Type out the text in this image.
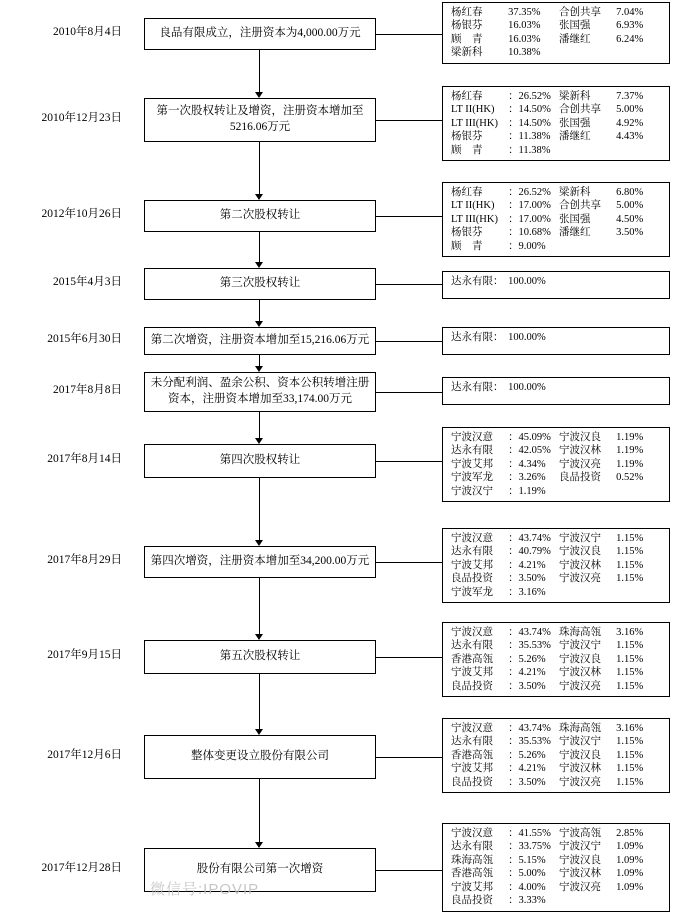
2010年8月4日	良品有限成立，注册资本为4,000.00万元
杨红春	37.35%	合创共享	7.04%
杨银芬	16.03%	张国强	6.93%
顾　青	16.03%	潘继红	6.24%
梁新科	10.38%		
2010年12月23日
第一次股权转让及增资，注册资本增加至5216.06万元
杨红春	：26.52%	梁新科	7.37%
LT II(HK)	：14.50%	合创共享	5.00%
LT III(HK)	：14.50%	张国强	4.92%
杨银芬	：11.38%	潘继红	4.43%
顾　青	：11.38%		
2012年10月26日	第二次股权转让
杨红春	：26.52%	梁新科	6.80%
LT II(HK)	：17.00%	合创共享	5.00%
LT III(HK)	：17.00%	张国强	4.50%
杨银芬	：10.68%	潘继红	3.50%
顾　青	：9.00%		
2015年4月3日	第三次股权转让	达永有限：	100.00%		
2015年6月30日	第二次增资，注册资本增加至15,216.06万元	达永有限：	100.00%		
2017年8月8日
未分配利润、盈余公积、资本公积转增注册资本，注册资本增加至33,174.00万元
达永有限：	100.00%		
2017年8月14日	第四次股权转让
宁波汉意	：45.09%	宁波汉良	1.19%
达永有限	：42.05%	宁波汉林	1.19%
宁波艾邦	：4.34%	宁波汉亮	1.19%
宁波军龙	：3.26%	良品投资	0.52%
宁波汉宁	：1.19%		
2017年8月29日	第四次增资，注册资本增加至34,200.00万元
宁波汉意	：43.74%	宁波汉宁	1.15%
达永有限	：40.79%	宁波汉良	1.15%
宁波艾邦	：4.21%	宁波汉林	1.15%
良品投资	：3.50%	宁波汉亮	1.15%
宁波军龙	：3.16%		
2017年9月15日	第五次股权转让
宁波汉意	：43.74%	珠海高瓴	3.16%
达永有限	：35.53%	宁波汉宁	1.15%
香港高瓴	：5.26%	宁波汉良	1.15%
宁波艾邦	：4.21%	宁波汉林	1.15%
良品投资	：3.50%	宁波汉亮	1.15%
2017年12月6日	整体变更设立股份有限公司
宁波汉意	：43.74%	珠海高瓴	3.16%
达永有限	：35.53%	宁波汉宁	1.15%
香港高瓴	：5.26%	宁波汉良	1.15%
宁波艾邦	：4.21%	宁波汉林	1.15%
良品投资	：3.50%	宁波汉亮	1.15%
2017年12月28日	股份有限公司第一次增资
宁波汉意	：41.55%	宁波高瓴	2.85%
达永有限	：33.75%	宁波汉宁	1.09%
珠海高瓴	：5.15%	宁波汉良	1.09%
香港高瓴	：5.00%	宁波汉林	1.09%
宁波艾邦	：4.00%	宁波汉亮	1.09%
良品投资	：3.33%		
微信号:IPOVIP
